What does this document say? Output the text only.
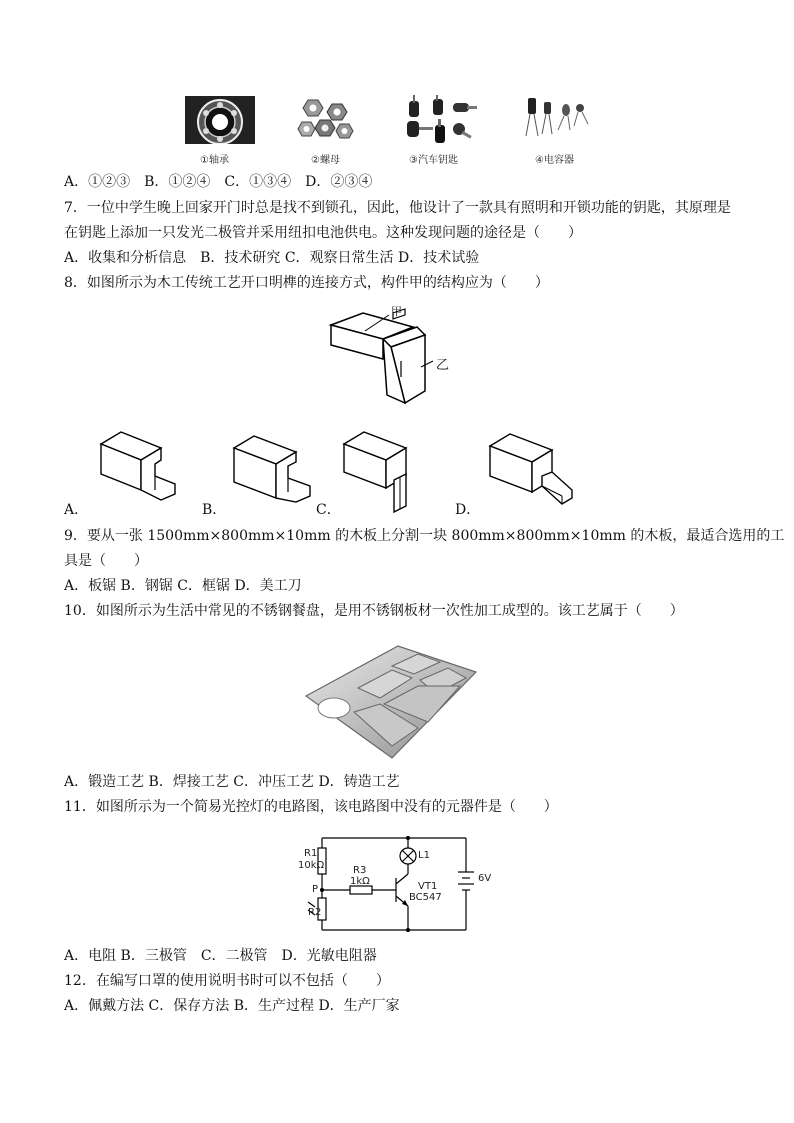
①轴承	②螺母	③汽车钥匙	④电容器
A．①②③　B．①②④　C．①③④　D．②③④
7．一位中学生晚上回家开门时总是找不到锁孔，因此，他设计了一款具有照明和开锁功能的钥匙，其原理是
在钥匙上添加一只发光二极管并采用纽扣电池供电。这种发现问题的途径是（　　）
A．收集和分析信息　B．技术研究 C．观察日常生活 D．技术试验
8．如图所示为木工传统工艺开口明榫的连接方式，构件甲的结构应为（　　）
甲
乙
A．	B．	C．	D．
9．要从一张 1500mm×800mm×10mm 的木板上分割一块 800mm×800mm×10mm 的木板，最适合选用的工
具是（　　）
A．板锯 B．钢锯 C．框锯 D．美工刀
10．如图所示为生活中常见的不锈钢餐盘，是用不锈钢板材一次性加工成型的。该工艺属于（　　）
A．锻造工艺 B．焊接工艺 C．冲压工艺 D．铸造工艺
11．如图所示为一个简易光控灯的电路图，该电路图中没有的元器件是（　　）
R1
10kΩ	R3
1kΩ
P
R2
L1
VT1
BC547
6V
A．电阻 B．三极管　C．二极管　D．光敏电阻器
12．在编写口罩的使用说明书时可以不包括（　　）
A．佩戴方法 C．保存方法 B．生产过程 D．生产厂家
